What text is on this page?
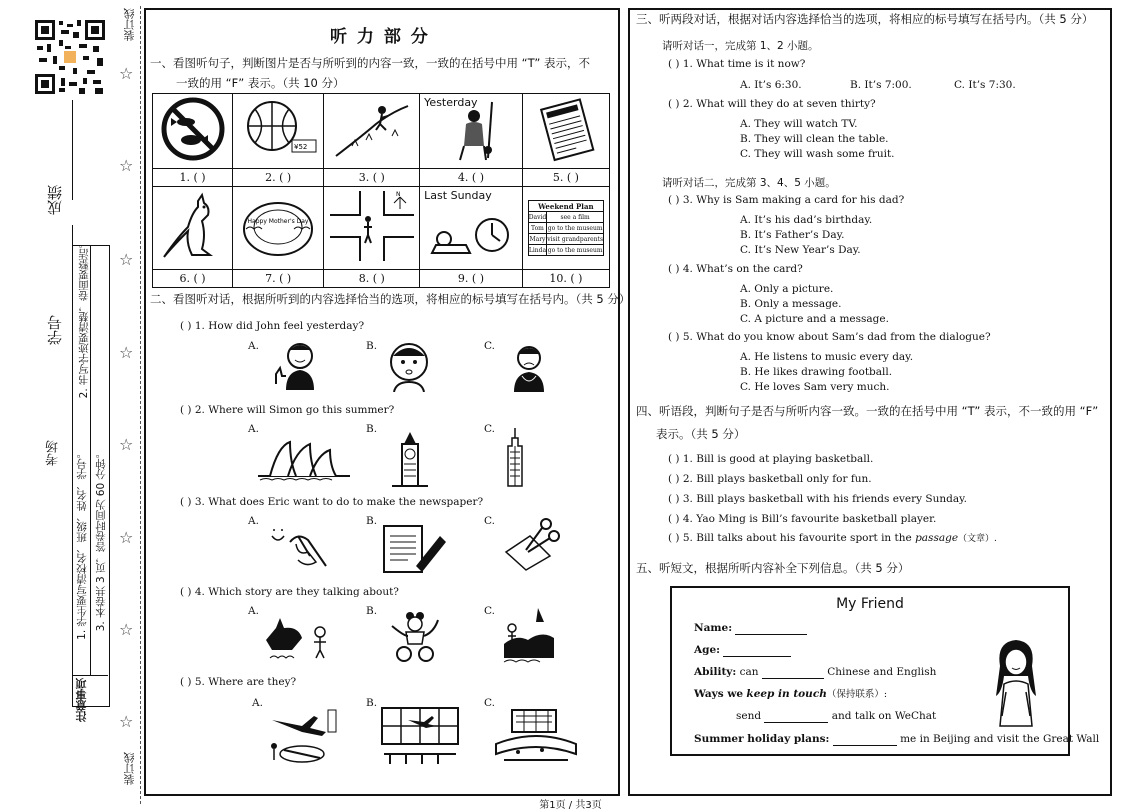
成绩
学号
考场
注意事项
1. 学生要写清校名、班级、姓名、学号。
2. 书写字迹要清楚，卷面要整洁。
3. 本卷共 3 页，答卷时间为 60 分钟。
装订线
装订线
☆
☆
☆
☆
☆
☆
☆
☆
第1页 / 共3页
听 力 部 分
一、看图听句子，判断图片是否与所听到的内容一致，一致的在括号中用 “T” 表示，不
一致的用 “F” 表示。（共 10 分）

¥52

Yesterday

1. ( )	2. ( )	3. ( )	4. ( )	5. ( )

Happy Mother's Day

N	Last Sunday

Weekend Plan
David	see a film
Tom	go to the museum
Mary	visit grandparents
Linda	go to the museum

6. ( )	7. ( )	8. ( )	9. ( )	10. ( )
二、看图听对话，根据所听到的内容选择恰当的选项，将相应的标号填写在括号内。（共 5 分）
( ) 1. How did John feel yesterday?
A.	B.	C.
( ) 2. Where will Simon go this summer?
A.	B.	C.
( ) 3. What does Eric want to do to make the newspaper?
A.	B.	C.
( ) 4. Which story are they talking about?
A.	B.	C.
( ) 5. Where are they?
A.	B.	C.
三、听两段对话，根据对话内容选择恰当的选项，将相应的标号填写在括号内。（共 5 分）
请听对话一，完成第 1、2 小题。
( ) 1. What time is it now?
A. It’s 6:30.	B. It’s 7:00.	C. It’s 7:30.
( ) 2. What will they do at seven thirty?
A. They will watch TV.
B. They will clean the table.
C. They will wash some fruit.
请听对话二，完成第 3、4、5 小题。
( ) 3. Why is Sam making a card for his dad?
A. It’s his dad’s birthday.
B. It’s Father’s Day.
C. It’s New Year’s Day.
( ) 4. What’s on the card?
A. Only a picture.
B. Only a message.
C. A picture and a message.
( ) 5. What do you know about Sam’s dad from the dialogue?
A. He listens to music every day.
B. He likes drawing football.
C. He loves Sam very much.
四、听语段，判断句子是否与所听内容一致。一致的在括号中用 “T” 表示，不一致的用 “F”
表示。（共 5 分）
( ) 1. Bill is good at playing basketball.
( ) 2. Bill plays basketball only for fun.
( ) 3. Bill plays basketball with his friends every Sunday.
( ) 4. Yao Ming is Bill’s favourite basketball player.
( ) 5. Bill talks about his favourite sport in the passage（文章）.
五、听短文，根据所听内容补全下列信息。（共 5 分）
My Friend
Name:
Age:
Ability: can	Chinese and English
Ways we keep in touch（保持联系）:
send	and talk on WeChat
Summer holiday plans:	me in Beijing and visit the Great Wall
